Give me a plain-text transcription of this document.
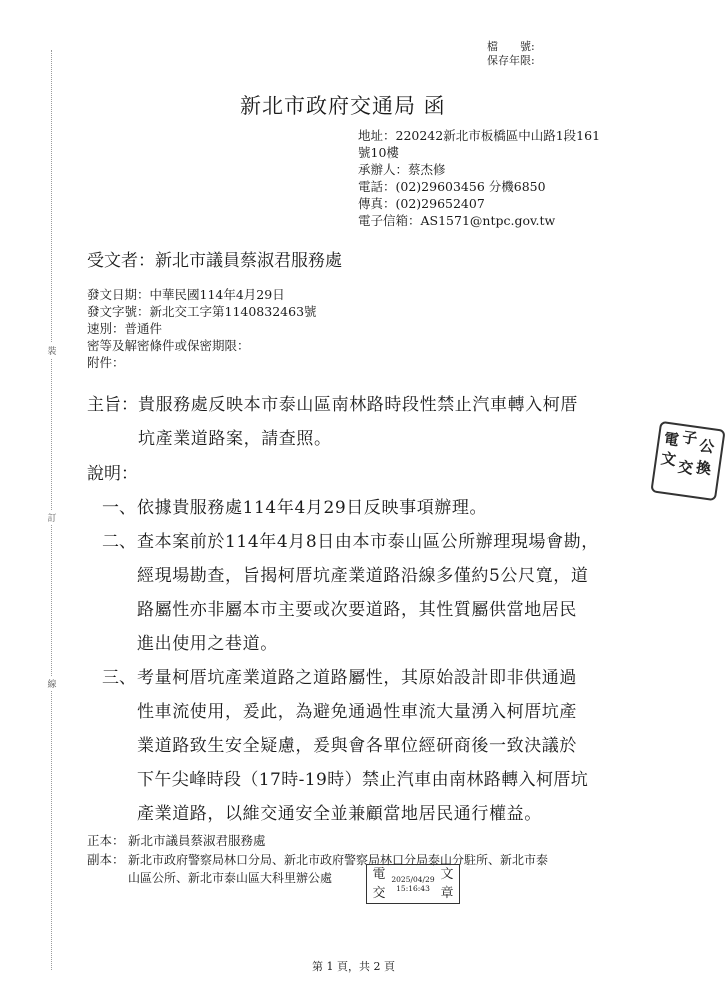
裝
訂
線
檔　　號:
保存年限:
新北市政府交通局 函
地址：220242新北市板橋區中山路1段161
號10樓
承辦人：蔡杰修
電話：(02)29603456 分機6850
傳真：(02)29652407
電子信箱：AS1571@ntpc.gov.tw
受文者：新北市議員蔡淑君服務處
發文日期：中華民國114年4月29日
發文字號：新北交工字第1140832463號
速別：普通件
密等及解密條件或保密期限：
附件：
主旨： 貴服務處反映本市泰山區南林路時段性禁止汽車轉入柯厝
坑產業道路案，請查照。
說明：
一、 依據貴服務處114年4月29日反映事項辦理。
二、 查本案前於114年4月8日由本市泰山區公所辦理現場會勘，
經現場勘查，旨揭柯厝坑產業道路沿線多僅約5公尺寬，道
路屬性亦非屬本市主要或次要道路，其性質屬供當地居民
進出使用之巷道。
三、 考量柯厝坑產業道路之道路屬性，其原始設計即非供通過
性車流使用，爰此，為避免通過性車流大量湧入柯厝坑產
業道路致生安全疑慮，爰與會各單位經研商後一致決議於
下午尖峰時段（17時-19時）禁止汽車由南林路轉入柯厝坑
產業道路，以維交通安全並兼顧當地居民通行權益。
正本： 新北市議員蔡淑君服務處
副本： 新北市政府警察局林口分局、新北市政府警察局林口分局泰山分駐所、新北市泰
山區公所、新北市泰山區大科里辦公處	電
交
2025/04/29
15:16:43
文
章
電 子 公
文 交 換
第 1 頁，共 2 頁
